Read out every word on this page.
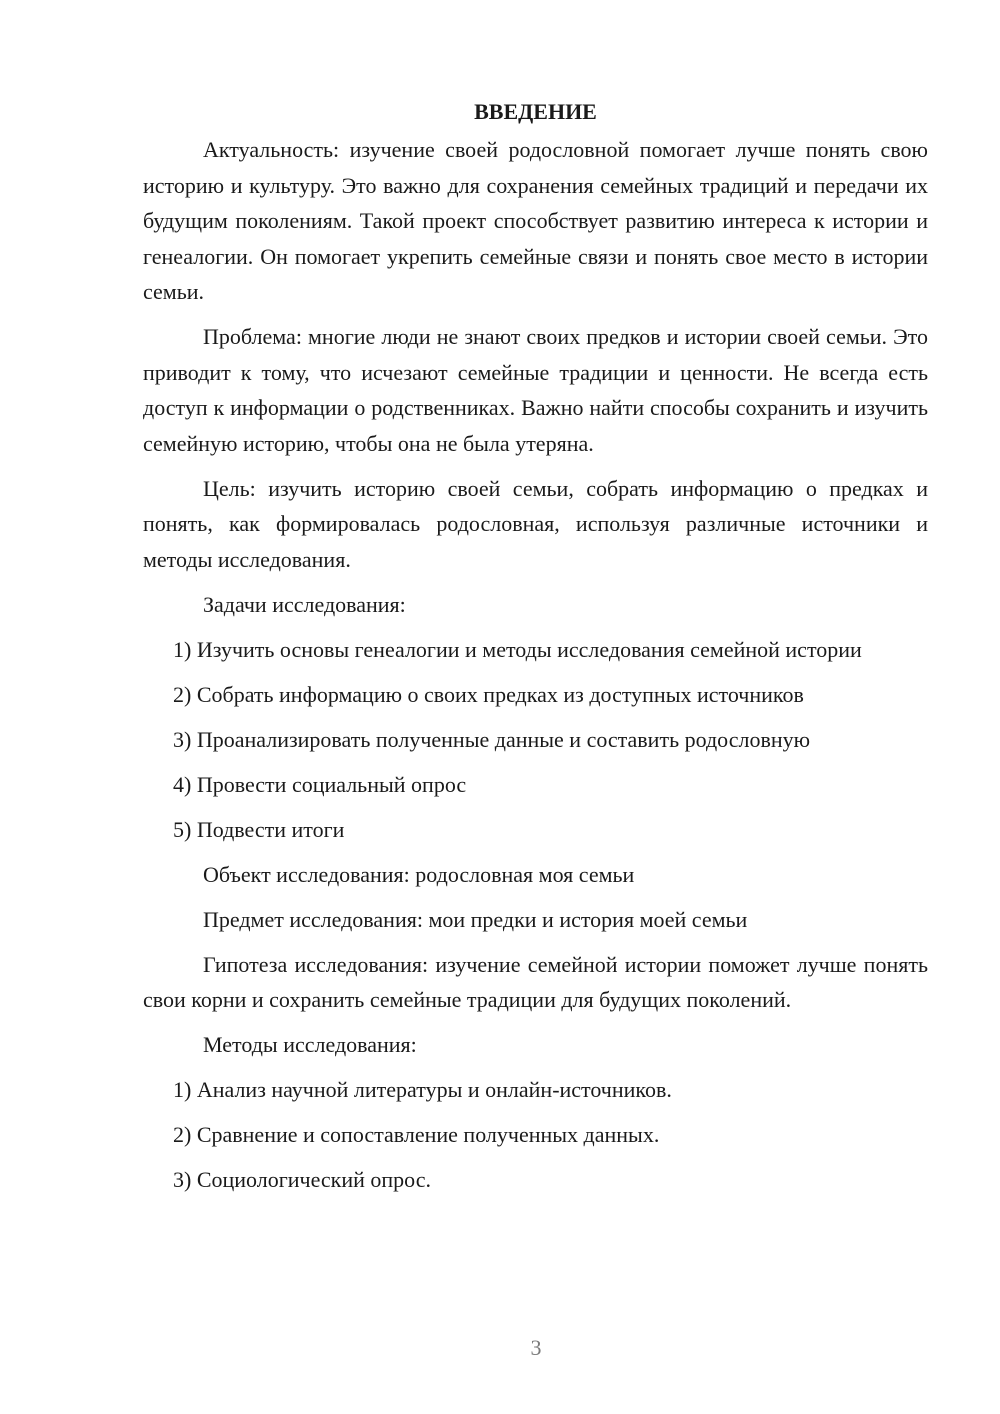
ВВЕДЕНИЕ

Актуальность: изучение своей родословной помогает лучше понять свою историю и культуру. Это важно для сохранения семейных традиций и передачи их будущим поколениям. Такой проект способствует развитию интереса к истории и генеалогии. Он помогает укрепить семейные связи и понять свое место в истории семьи.

Проблема: многие люди не знают своих предков и истории своей семьи. Это приводит к тому, что исчезают семейные традиции и ценности. Не всегда есть доступ к информации о родственниках. Важно найти способы сохранить и изучить семейную историю, чтобы она не была утеряна.

Цель: изучить историю своей семьи, собрать информацию о предках и понять, как формировалась родословная, используя различные источники и методы исследования.

Задачи исследования:
1) Изучить основы генеалогии и методы исследования семейной истории
2) Собрать информацию о своих предках из доступных источников
3) Проанализировать полученные данные и составить родословную
4) Провести социальный опрос
5) Подвести итоги
Объект исследования: родословная моя семьи
Предмет исследования: мои предки и история моей семьи

Гипотеза исследования: изучение семейной истории поможет лучше понять свои корни и сохранить семейные традиции для будущих поколений.

Методы исследования:
1) Анализ научной литературы и онлайн-источников.
2) Сравнение и сопоставление полученных данных.
3) Социологический опрос.
3
